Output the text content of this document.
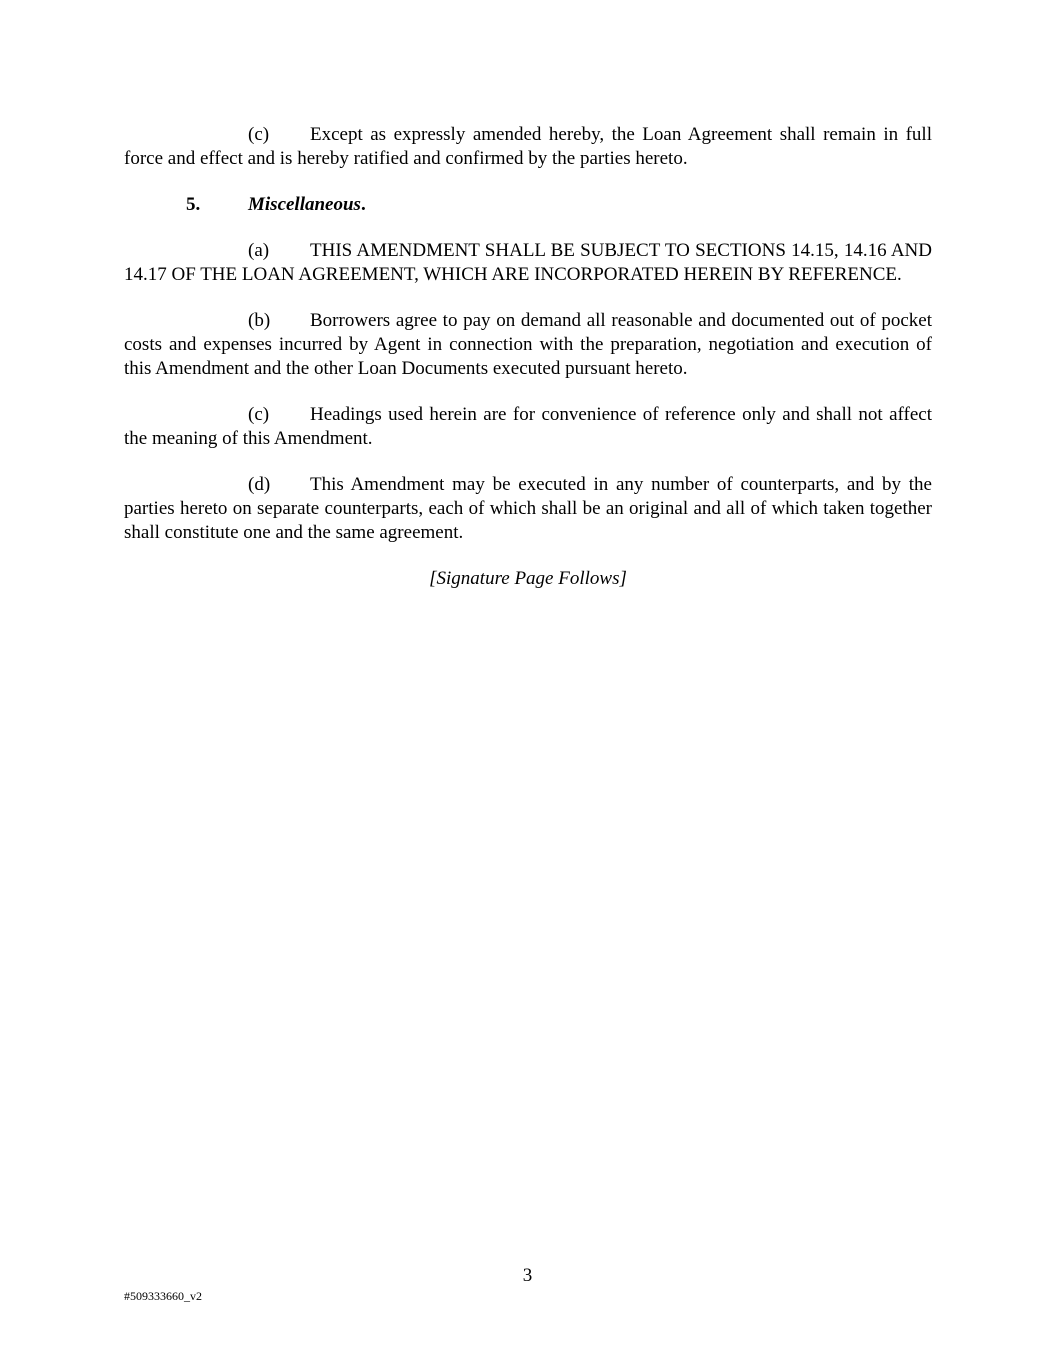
(c) Except as expressly amended hereby, the Loan Agreement shall remain in full force and effect and is hereby ratified and confirmed by the parties hereto.

5.	Miscellaneous.

(a) THIS AMENDMENT SHALL BE SUBJECT TO SECTIONS 14.15, 14.16 AND 14.17 OF THE LOAN AGREEMENT, WHICH ARE INCORPORATED HEREIN BY REFERENCE.

(b) Borrowers agree to pay on demand all reasonable and documented out of pocket costs and expenses incurred by Agent in connection with the preparation, negotiation and execution of this Amendment and the other Loan Documents executed pursuant hereto.

(c) Headings used herein are for convenience of reference only and shall not affect the meaning of this Amendment.

(d) This Amendment may be executed in any number of counterparts, and by the parties hereto on separate counterparts, each of which shall be an original and all of which taken together shall constitute one and the same agreement.

[Signature Page Follows]

3
#509333660_v2
